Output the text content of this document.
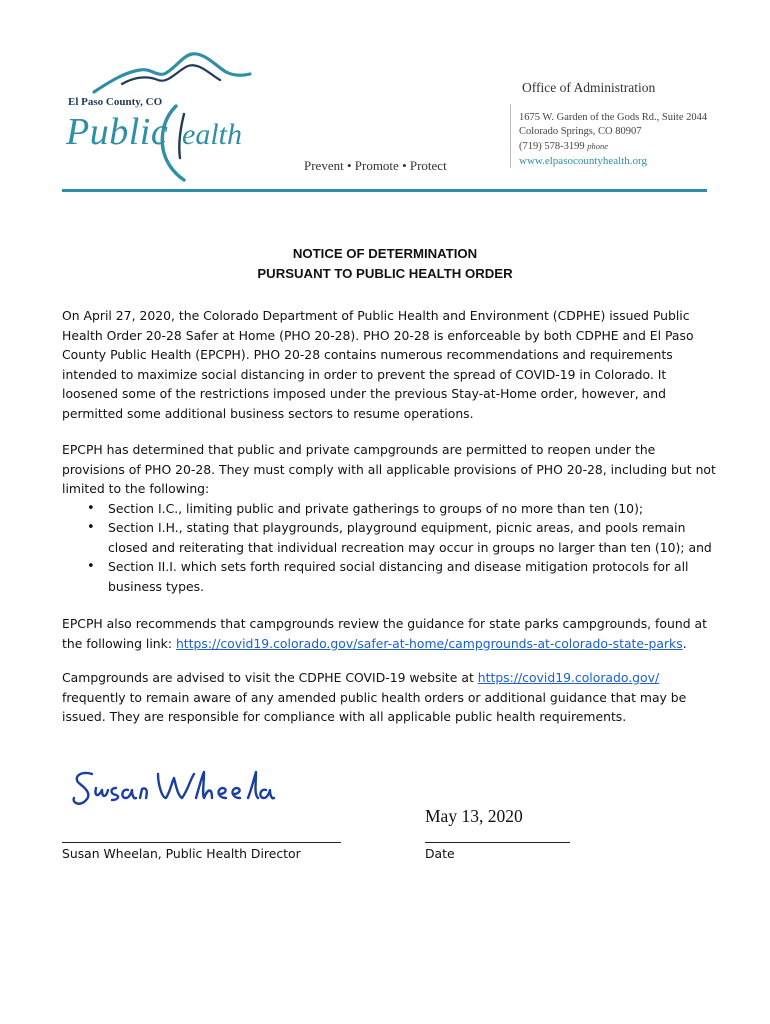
El Paso County, CO
Public ealth
Prevent • Promote • Protect
Office of Administration
1675 W. Garden of the Gods Rd., Suite 2044
Colorado Springs, CO 80907
(719) 578-3199 phone
www.elpasocountyhealth.org
NOTICE OF DETERMINATION
PURSUANT TO PUBLIC HEALTH ORDER

On April 27, 2020, the Colorado Department of Public Health and Environment (CDPHE) issued Public Health Order 20-28 Safer at Home (PHO 20-28). PHO 20-28 is enforceable by both CDPHE and El Paso County Public Health (EPCPH). PHO 20-28 contains numerous recommendations and requirements intended to maximize social distancing in order to prevent the spread of COVID-19 in Colorado. It loosened some of the restrictions imposed under the previous Stay-at-Home order, however, and permitted some additional business sectors to resume operations.

EPCPH has determined that public and private campgrounds are permitted to reopen under the provisions of PHO 20-28. They must comply with all applicable provisions of PHO 20-28, including but not limited to the following:

• Section I.C., limiting public and private gatherings to groups of no more than ten (10);
• Section I.H., stating that playgrounds, playground equipment, picnic areas, and pools remain closed and reiterating that individual recreation may occur in groups no larger than ten (10); and
• Section II.I. which sets forth required social distancing and disease mitigation protocols for all business types.

EPCPH also recommends that campgrounds review the guidance for state parks campgrounds, found at the following link: https://covid19.colorado.gov/safer-at-home/campgrounds-at-colorado-state-parks.

Campgrounds are advised to visit the CDPHE COVID-19 website at https://covid19.colorado.gov/ frequently to remain aware of any amended public health orders or additional guidance that may be issued. They are responsible for compliance with all applicable public health requirements.

Susan Wheelan, Public Health Director
May 13, 2020
Date
